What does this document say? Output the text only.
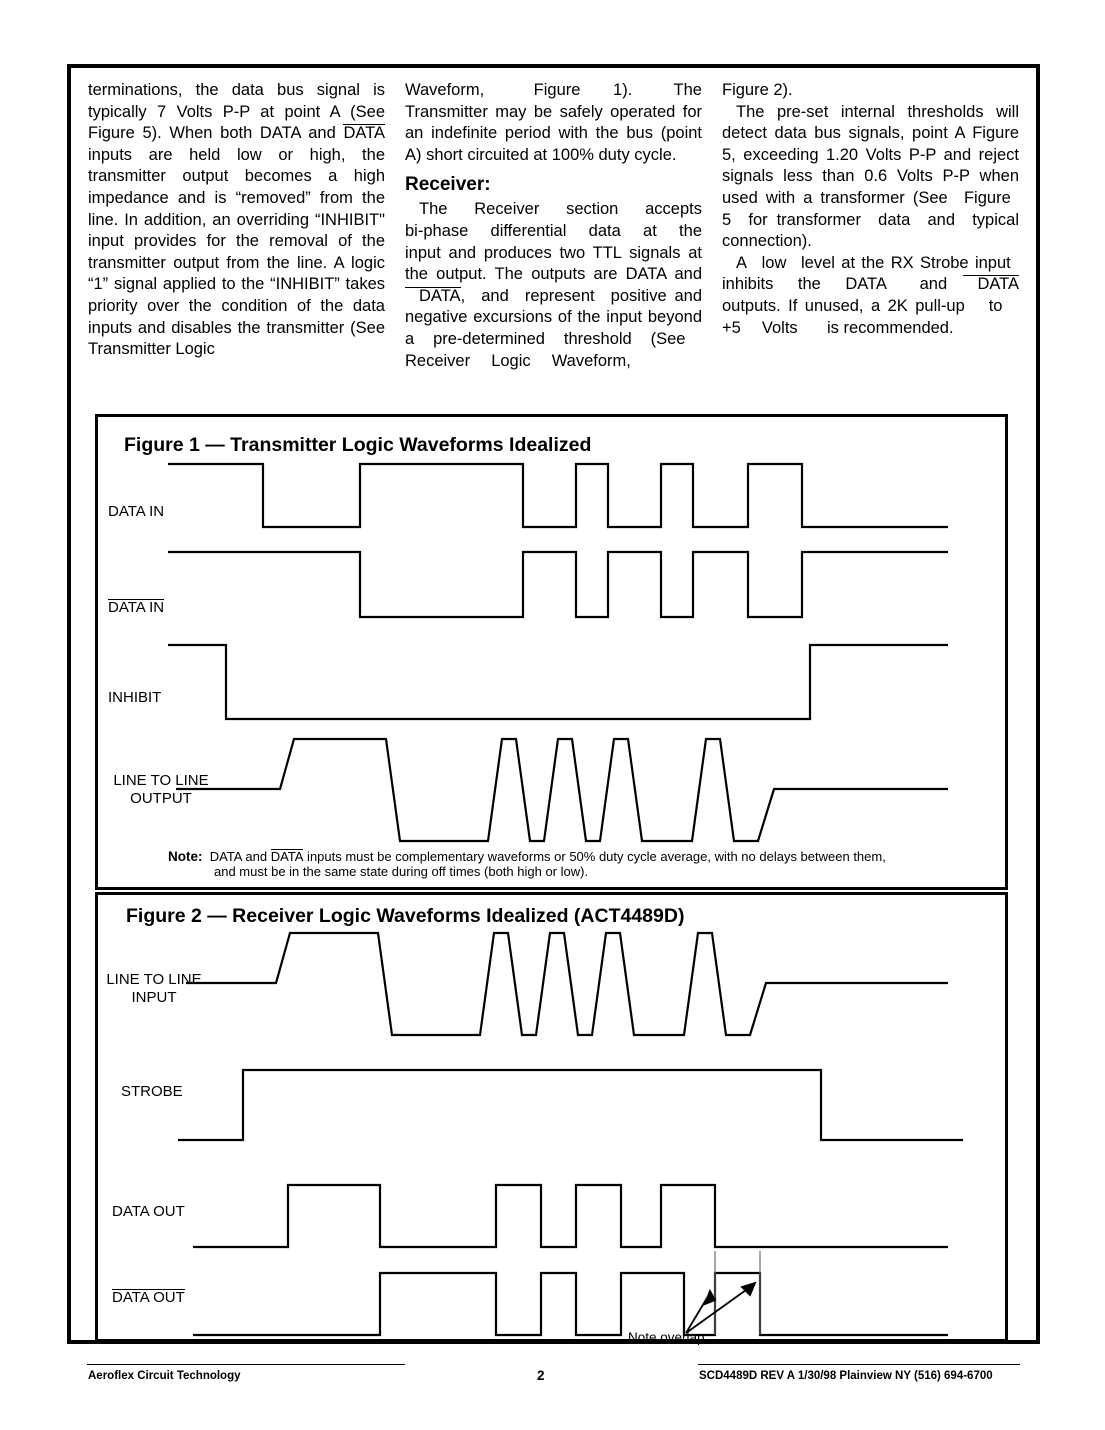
terminations, the data bus signal is typically 7 Volts P-P at point A (See Figure 5). When both DATA and DATA inputs are held low or high, the transmitter output becomes a high impedance and is “removed” from the line. In addition, an overriding “INHIBIT" input provides for the removal of the transmitter output from the line. A logic “1” signal applied to the “INHIBIT” takes priority over the condition of the data inputs and disables the transmitter (See Transmitter Logic

Waveform,   Figure 1).   The Transmitter may be safely operated for an indefinite period with the bus (point A) short circuited at 100% duty cycle.

Receiver:

The   Receiver   section   accepts bi-phase  differential  data  at  the input and produces two TTL signals at the output. The outputs are DATA and DATA,  and  represent  positive and negative excursions of the input beyond a pre-determined threshold (See   Receiver   Logic   Waveform,

Figure 2).

The pre-set internal thresholds will detect data bus signals, point A Figure 5, exceeding 1.20 Volts P-P and reject signals less than 0.6 Volts P-P when used with a transformer (See  Figure  5  for transformer  data  and  typical connection).

A  low  level at the RX Strobe input  inhibits  the  DATA   and DATA outputs. If unused, a 2K pull-up  to  +5  Volts   is recommended.

Figure 1 — Transmitter Logic Waveforms Idealized
DATA IN
DATA IN
INHIBIT
LINE TO LINE
OUTPUT
Note:  DATA and DATA inputs must be complementary waveforms or 50% duty cycle average, with no delays between them,
and must be in the same state during off times (both high or low).
Figure 2 — Receiver Logic Waveforms Idealized (ACT4489D)
LINE TO LINE
INPUT
STROBE
DATA OUT
DATA OUT
Note overlap
Aeroflex Circuit Technology	2	SCD4489D REV A 1/30/98 Plainview NY (516) 694-6700
